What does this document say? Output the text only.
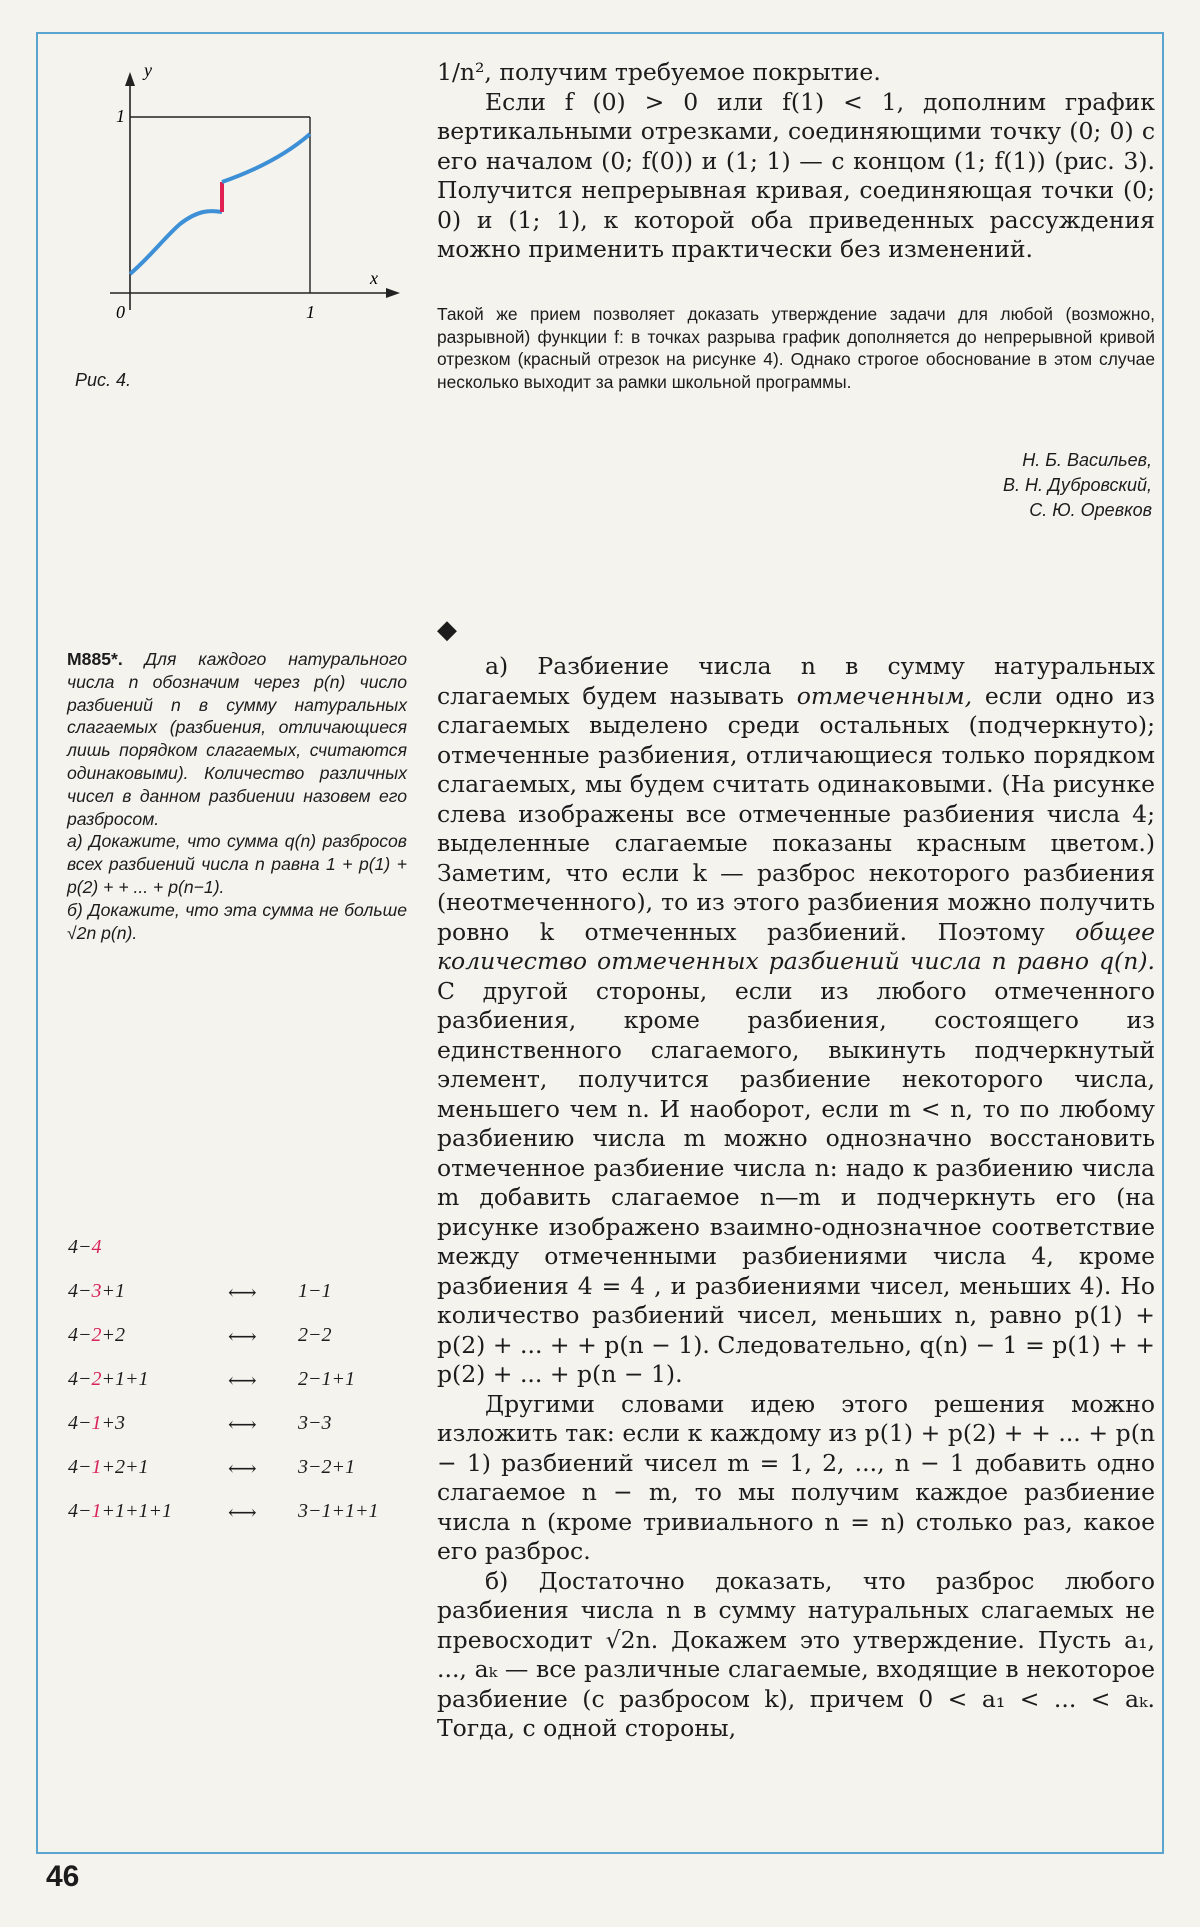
y
1
x
0	1
Рис. 4.

1/n², получим требуемое покрытие.

Если f (0) > 0 или f(1) < 1, дополним график вертикальными отрезками, соединяющими точку (0; 0) с его началом (0; f(0)) и (1; 1) — с концом (1; f(1)) (рис. 3). Получится непрерывная кривая, соединяющая точки (0; 0) и (1; 1), к которой оба приведенных рассуждения можно применить практически без изменений.

Такой же прием позволяет доказать утверждение задачи для любой (возможно, разрывной) функции f: в точках разрыва график дополняется до непрерывной кривой отрезком (красный отрезок на рисунке 4). Однако строгое обоснование в этом случае несколько выходит за рамки школьной программы.
Н. Б. Васильев,
В. Н. Дубровский,
С. Ю. Оревков

М885*. Для каждого натурального числа n обозначим через p(n) число разбиений n в сумму натуральных слагаемых (разбиения, отличающиеся лишь порядком слагаемых, считаются одинаковыми). Количество различных чисел в данном разбиении назовем его разбросом.

а) Докажите, что сумма q(n) разбросов всех разбиений числа n равна 1 + p(1) + p(2) + + ... + p(n−1).

б) Докажите, что эта сумма не больше √2n p(n).

◆

а) Разбиение числа n в сумму натуральных слагаемых будем называть отмеченным, если одно из слагаемых выделено среди остальных (подчеркнуто); отмеченные разбиения, отличающиеся только порядком слагаемых, мы будем считать одинаковыми. (На рисунке слева изображены все отмеченные разбиения числа 4; выделенные слагаемые показаны красным цветом.) Заметим, что если k — разброс некоторого разбиения (неотмеченного), то из этого разбиения можно получить ровно k отмеченных разбиений. Поэтому общее количество отмеченных разбиений числа n равно q(n). С другой стороны, если из любого отмеченного разбиения, кроме разбиения, состоящего из единственного слагаемого, выкинуть подчеркнутый элемент, получится разбиение некоторого числа, меньшего чем n. И наоборот, если m < n, то по любому разбиению числа m можно однозначно восстановить отмеченное разбиение числа n: надо к разбиению числа m добавить слагаемое n—m и подчеркнуть его (на рисунке изображено взаимно-однозначное соответствие между отмеченными разбиениями числа 4, кроме разбиения 4 = 4 , и разбиениями чисел, меньших 4). Но количество разбиений чисел, меньших n, равно p(1) + p(2) + ... + + p(n − 1). Следовательно, q(n) − 1 = p(1) + + p(2) + ... + p(n − 1).

Другими словами идею этого решения можно изложить так: если к каждому из p(1) + p(2) + + ... + p(n − 1) разбиений чисел m = 1, 2, ..., n − 1 добавить одно слагаемое n − m, то мы получим каждое разбиение числа n (кроме тривиального n = n) столько раз, какое его разброс.

б) Достаточно доказать, что разброс любого разбиения числа n в сумму натуральных слагаемых не превосходит √2n. Докажем это утверждение. Пусть a₁, ..., aₖ — все различные слагаемые, входящие в некоторое разбиение (с разбросом k), причем 0 < a₁ < ... < aₖ. Тогда, с одной стороны,

4−4
4−3+1	⟷ 1−1
4−2+2	⟷ 2−2
4−2+1+1	⟷ 2−1+1
4−1+3	⟷ 3−3
4−1+2+1	⟷ 3−2+1
4−1+1+1+1	⟷ 3−1+1+1
46
